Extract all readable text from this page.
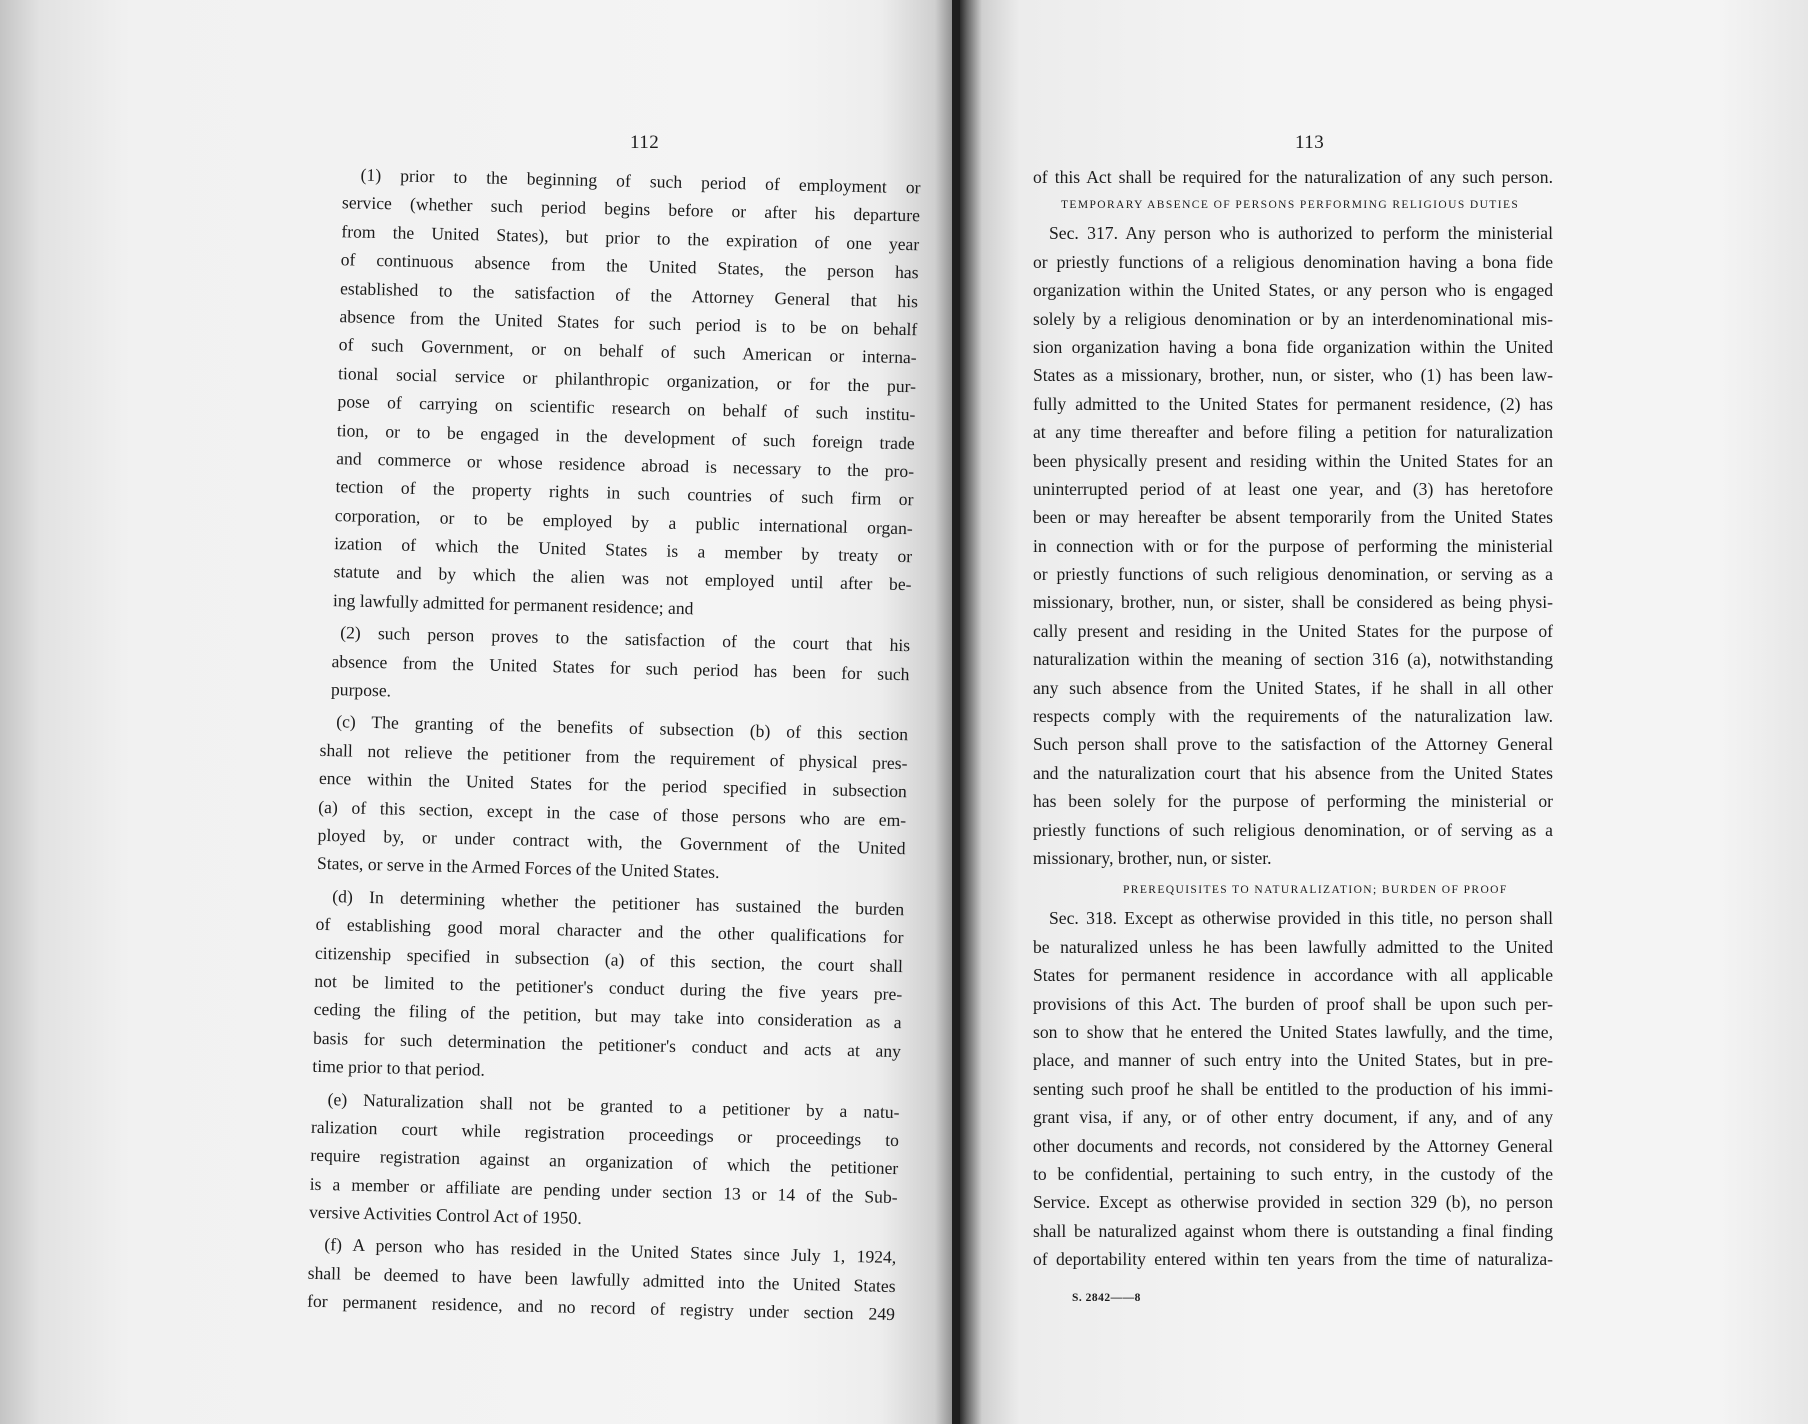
112
(1) prior to the beginning of such period of employment or
service (whether such period begins before or after his departure
from the United States), but prior to the expiration of one year
of continuous absence from the United States, the person has
established to the satisfaction of the Attorney General that his
absence from the United States for such period is to be on behalf
of such Government, or on behalf of such American or interna-
tional social service or philanthropic organization, or for the pur-
pose of carrying on scientific research on behalf of such institu-
tion, or to be engaged in the development of such foreign trade
and commerce or whose residence abroad is necessary to the pro-
tection of the property rights in such countries of such firm or
corporation, or to be employed by a public international organ-
ization of which the United States is a member by treaty or
statute and by which the alien was not employed until after be-
ing lawfully admitted for permanent residence; and
(2) such person proves to the satisfaction of the court that his
absence from the United States for such period has been for such
purpose.
(c) The granting of the benefits of subsection (b) of this section
shall not relieve the petitioner from the requirement of physical pres-
ence within the United States for the period specified in subsection
(a) of this section, except in the case of those persons who are em-
ployed by, or under contract with, the Government of the United
States, or serve in the Armed Forces of the United States.
(d) In determining whether the petitioner has sustained the burden
of establishing good moral character and the other qualifications for
citizenship specified in subsection (a) of this section, the court shall
not be limited to the petitioner's conduct during the five years pre-
ceding the filing of the petition, but may take into consideration as a
basis for such determination the petitioner's conduct and acts at any
time prior to that period.
(e) Naturalization shall not be granted to a petitioner by a natu-
ralization court while registration proceedings or proceedings to
require registration against an organization of which the petitioner
is a member or affiliate are pending under section 13 or 14 of the Sub-
versive Activities Control Act of 1950.
(f) A person who has resided in the United States since July 1, 1924,
shall be deemed to have been lawfully admitted into the United States
for permanent residence, and no record of registry under section 249
113
of this Act shall be required for the naturalization of any such person.
TEMPORARY ABSENCE OF PERSONS PERFORMING RELIGIOUS DUTIES
Sec. 317. Any person who is authorized to perform the ministerial
or priestly functions of a religious denomination having a bona fide
organization within the United States, or any person who is engaged
solely by a religious denomination or by an interdenominational mis-
sion organization having a bona fide organization within the United
States as a missionary, brother, nun, or sister, who (1) has been law-
fully admitted to the United States for permanent residence, (2) has
at any time thereafter and before filing a petition for naturalization
been physically present and residing within the United States for an
uninterrupted period of at least one year, and (3) has heretofore
been or may hereafter be absent temporarily from the United States
in connection with or for the purpose of performing the ministerial
or priestly functions of such religious denomination, or serving as a
missionary, brother, nun, or sister, shall be considered as being physi-
cally present and residing in the United States for the purpose of
naturalization within the meaning of section 316 (a), notwithstanding
any such absence from the United States, if he shall in all other
respects comply with the requirements of the naturalization law.
Such person shall prove to the satisfaction of the Attorney General
and the naturalization court that his absence from the United States
has been solely for the purpose of performing the ministerial or
priestly functions of such religious denomination, or of serving as a
missionary, brother, nun, or sister.
PREREQUISITES TO NATURALIZATION; BURDEN OF PROOF
Sec. 318. Except as otherwise provided in this title, no person shall
be naturalized unless he has been lawfully admitted to the United
States for permanent residence in accordance with all applicable
provisions of this Act. The burden of proof shall be upon such per-
son to show that he entered the United States lawfully, and the time,
place, and manner of such entry into the United States, but in pre-
senting such proof he shall be entitled to the production of his immi-
grant visa, if any, or of other entry document, if any, and of any
other documents and records, not considered by the Attorney General
to be confidential, pertaining to such entry, in the custody of the
Service. Except as otherwise provided in section 329 (b), no person
shall be naturalized against whom there is outstanding a final finding
of deportability entered within ten years from the time of naturaliza-
S. 2842——8
